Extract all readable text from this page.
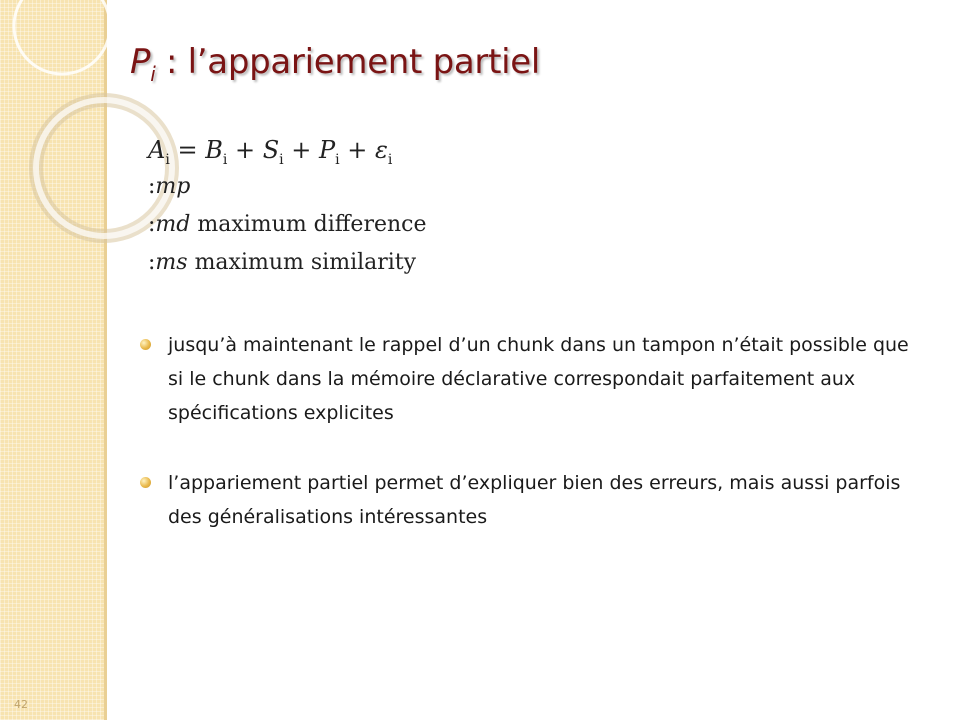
42
$P_i$ : l’appariement partiel
$A_i = B_i + S_i + P_i + \varepsilon_i$
:mp
:md maximum difference
:ms maximum similarity
jusqu’à maintenant le rappel d’un chunk dans un tampon n’était possible que si le chunk dans la mémoire déclarative correspondait parfaitement aux spécifications explicites
l’appariement partiel permet d’expliquer bien des erreurs, mais aussi parfois des généralisations intéressantes
